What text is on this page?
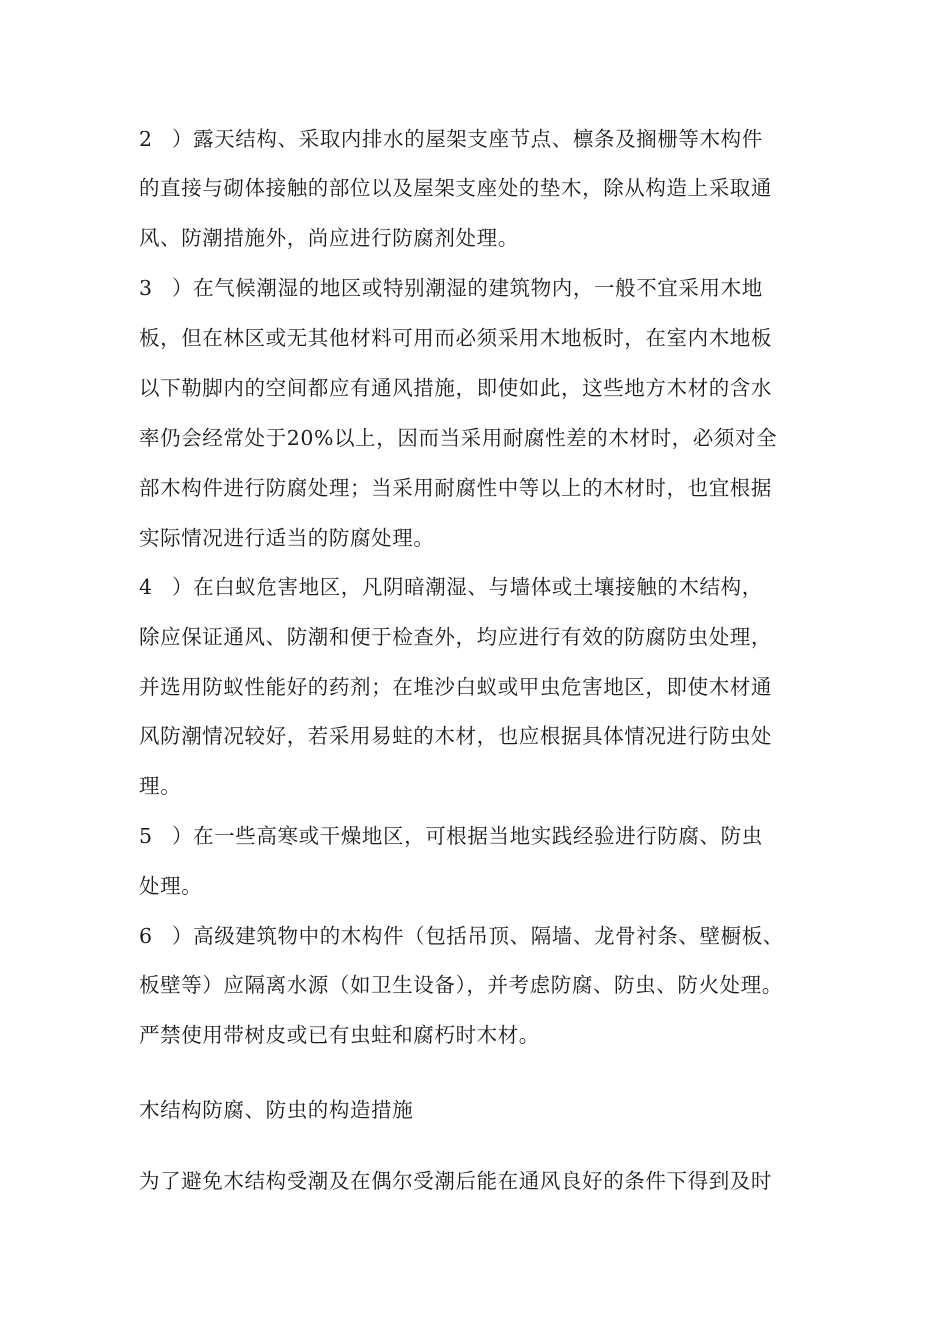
2 ）露天结构、采取内排水的屋架支座节点、檩条及搁栅等木构件
的直接与砌体接触的部位以及屋架支座处的垫木，除从构造上采取通
风、防潮措施外，尚应进行防腐剂处理。
3 ）在气候潮湿的地区或特别潮湿的建筑物内，一般不宜采用木地
板，但在林区或无其他材料可用而必须采用木地板时，在室内木地板
以下勒脚内的空间都应有通风措施，即使如此，这些地方木材的含水
率仍会经常处于20%以上，因而当采用耐腐性差的木材时，必须对全
部木构件进行防腐处理；当采用耐腐性中等以上的木材时，也宜根据
实际情况进行适当的防腐处理。
4 ）在白蚁危害地区，凡阴暗潮湿、与墙体或土壤接触的木结构，
除应保证通风、防潮和便于检查外，均应进行有效的防腐防虫处理，
并选用防蚁性能好的药剂；在堆沙白蚁或甲虫危害地区，即使木材通
风防潮情况较好，若采用易蛀的木材，也应根据具体情况进行防虫处
理。
5 ）在一些高寒或干燥地区，可根据当地实践经验进行防腐、防虫
处理。
6 ）高级建筑物中的木构件（包括吊顶、隔墙、龙骨衬条、壁橱板、
板壁等）应隔离水源（如卫生设备），并考虑防腐、防虫、防火处理。
严禁使用带树皮或已有虫蛀和腐朽时木材。
木结构防腐、防虫的构造措施
为了避免木结构受潮及在偶尔受潮后能在通风良好的条件下得到及时
